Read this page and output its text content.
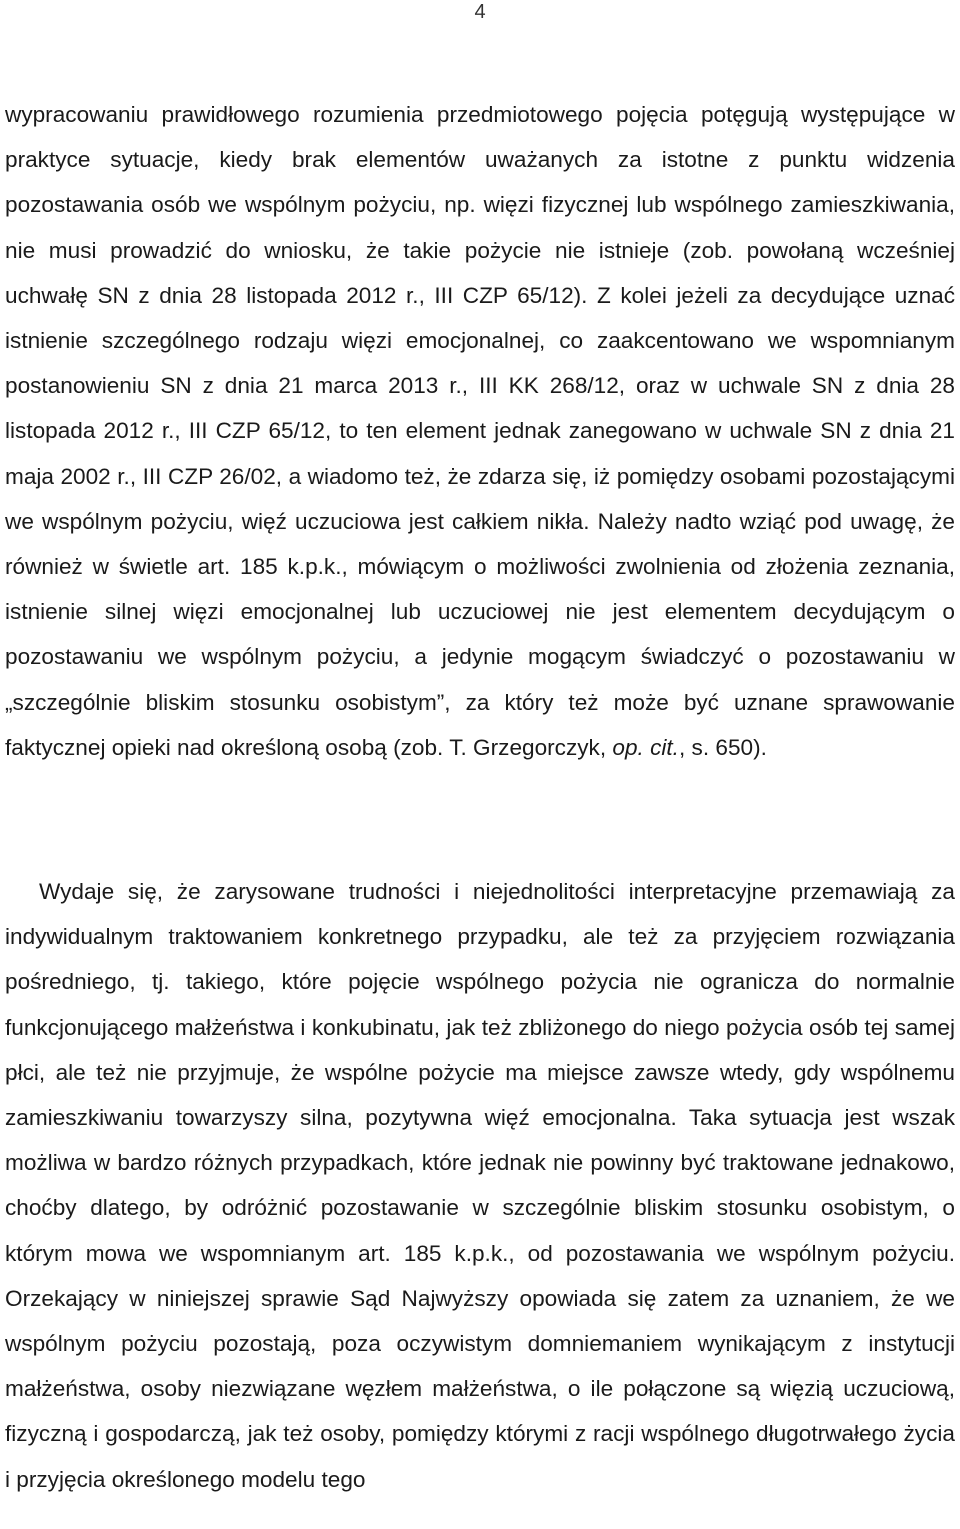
4

wypracowaniu prawidłowego rozumienia przedmiotowego pojęcia potęgują występujące w praktyce sytuacje, kiedy brak elementów uważanych za istotne z punktu widzenia pozostawania osób we wspólnym pożyciu, np. więzi fizycznej lub wspólnego zamieszkiwania, nie musi prowadzić do wniosku, że takie pożycie nie istnieje (zob. powołaną wcześniej uchwałę SN z dnia 28 listopada 2012 r., III CZP 65/12). Z kolei jeżeli za decydujące uznać istnienie szczególnego rodzaju więzi emocjonalnej, co zaakcentowano we wspomnianym postanowieniu SN z dnia 21 marca 2013 r., III KK 268/12, oraz w uchwale SN z dnia 28 listopada 2012 r., III CZP 65/12, to ten element jednak zanegowano w uchwale SN z dnia 21 maja 2002 r., III CZP 26/02, a wiadomo też, że zdarza się, iż pomiędzy osobami pozostającymi we wspólnym pożyciu, więź uczuciowa jest całkiem nikła. Należy nadto wziąć pod uwagę, że również w świetle art. 185 k.p.k., mówiącym o możliwości zwolnienia od złożenia zeznania, istnienie silnej więzi emocjonalnej lub uczuciowej nie jest elementem decydującym o pozostawaniu we wspólnym pożyciu, a jedynie mogącym świadczyć o pozostawaniu w „szczególnie bliskim stosunku osobistym”, za który też może być uznane sprawowanie faktycznej opieki nad określoną osobą (zob. T. Grzegorczyk, op. cit., s. 650).

Wydaje się, że zarysowane trudności i niejednolitości interpretacyjne przemawiają za indywidualnym traktowaniem konkretnego przypadku, ale też za przyjęciem rozwiązania pośredniego, tj. takiego, które pojęcie wspólnego pożycia nie ogranicza do normalnie funkcjonującego małżeństwa i konkubinatu, jak też zbliżonego do niego pożycia osób tej samej płci, ale też nie przyjmuje, że wspólne pożycie ma miejsce zawsze wtedy, gdy wspólnemu zamieszkiwaniu towarzyszy silna, pozytywna więź emocjonalna. Taka sytuacja jest wszak możliwa w bardzo różnych przypadkach, które jednak nie powinny być traktowane jednakowo, choćby dlatego, by odróżnić pozostawanie w szczególnie bliskim stosunku osobistym, o którym mowa we wspomnianym art. 185 k.p.k., od pozostawania we wspólnym pożyciu. Orzekający w niniejszej sprawie Sąd Najwyższy opowiada się zatem za uznaniem, że we wspólnym pożyciu pozostają, poza oczywistym domniemaniem wynikającym z instytucji małżeństwa, osoby niezwiązane węzłem małżeństwa, o ile połączone są więzią uczuciową, fizyczną i gospodarczą, jak też osoby, pomiędzy którymi z racji wspólnego długotrwałego życia i przyjęcia określonego modelu tego
